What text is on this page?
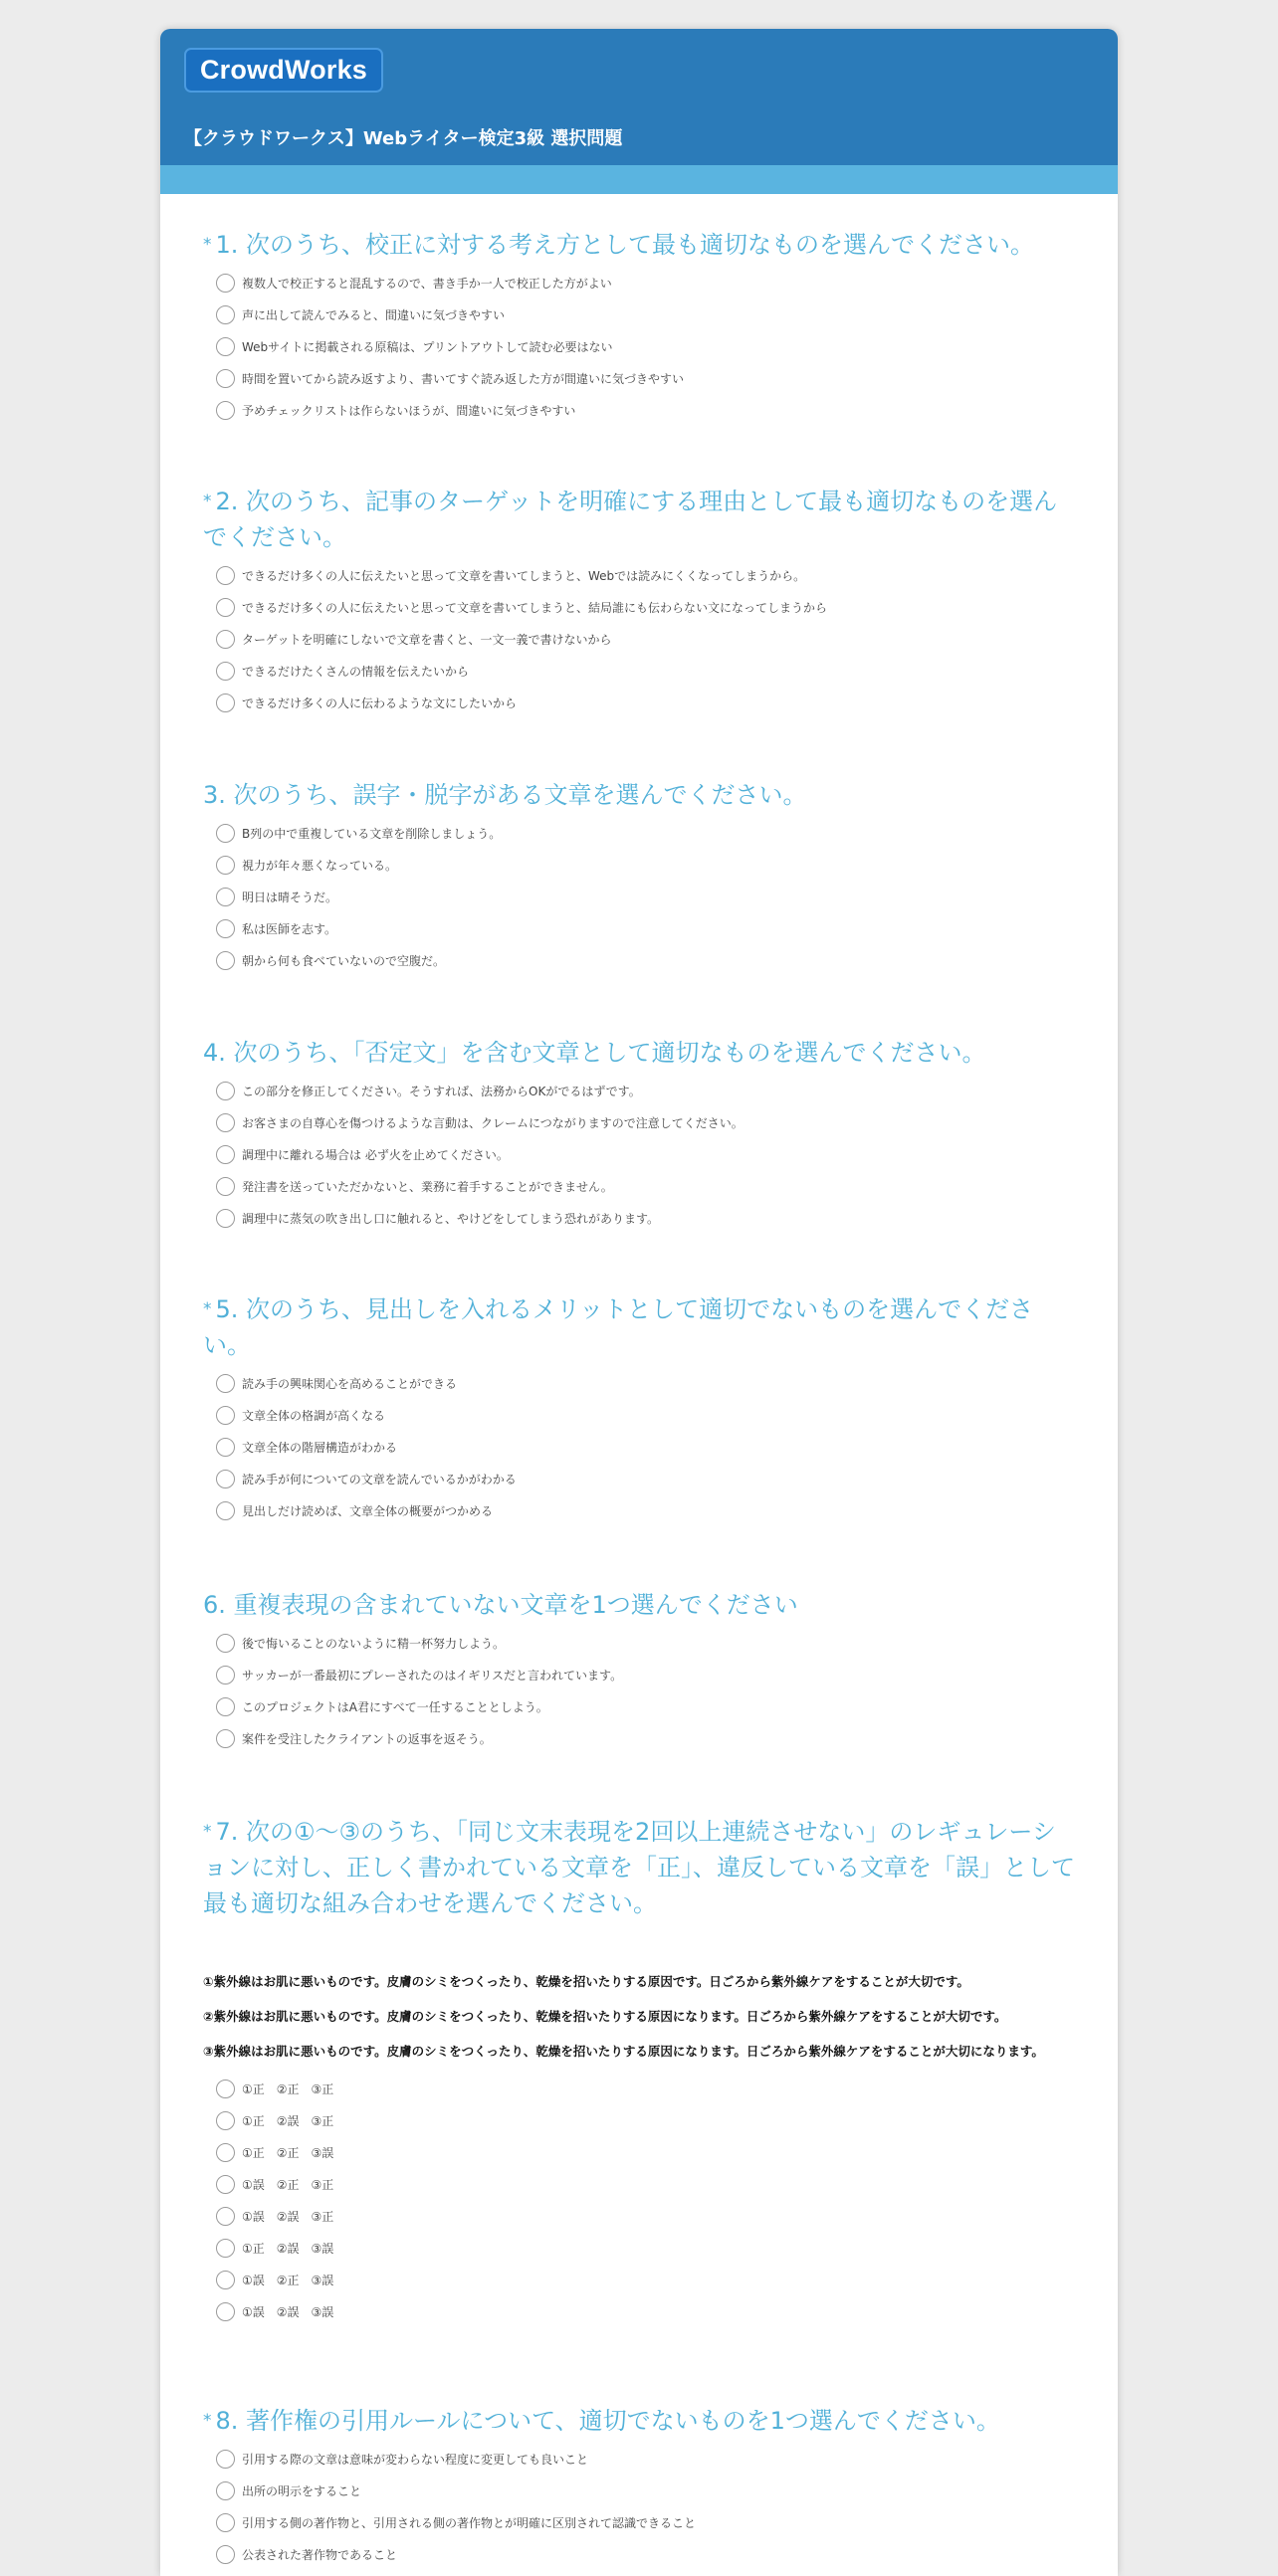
CrowdWorks
【クラウドワークス】Webライター検定3級 選択問題
* 1. 次のうち、校正に対する考え方として最も適切なものを選んでください。
複数人で校正すると混乱するので、書き手か一人で校正した方がよい
声に出して読んでみると、間違いに気づきやすい
Webサイトに掲載される原稿は、プリントアウトして読む必要はない
時間を置いてから読み返すより、書いてすぐ読み返した方が間違いに気づきやすい
予めチェックリストは作らないほうが、間違いに気づきやすい
* 2. 次のうち、記事のターゲットを明確にする理由として最も適切なものを選んでください。
できるだけ多くの人に伝えたいと思って文章を書いてしまうと、Webでは読みにくくなってしまうから。
できるだけ多くの人に伝えたいと思って文章を書いてしまうと、結局誰にも伝わらない文になってしまうから
ターゲットを明確にしないで文章を書くと、一文一義で書けないから
できるだけたくさんの情報を伝えたいから
できるだけ多くの人に伝わるような文にしたいから
3. 次のうち、誤字・脱字がある文章を選んでください。
B列の中で重複している文章を削除しましょう。
視力が年々悪くなっている。
明日は晴そうだ。
私は医師を志す。
朝から何も食べていないので空腹だ。
4. 次のうち、「否定文」を含む文章として適切なものを選んでください。
この部分を修正してください。そうすれば、法務からOKがでるはずです。
お客さまの自尊心を傷つけるような言動は、クレームにつながりますので注意してください。
調理中に離れる場合は 必ず火を止めてください。
発注書を送っていただかないと、業務に着手することができません。
調理中に蒸気の吹き出し口に触れると、やけどをしてしまう恐れがあります。
* 5. 次のうち、見出しを入れるメリットとして適切でないものを選んでください。
読み手の興味関心を高めることができる
文章全体の格調が高くなる
文章全体の階層構造がわかる
読み手が何についての文章を読んでいるかがわかる
見出しだけ読めば、文章全体の概要がつかめる
6. 重複表現の含まれていない文章を1つ選んでください
後で悔いることのないように精一杯努力しよう。
サッカーが一番最初にプレーされたのはイギリスだと言われています。
このプロジェクトはA君にすべて一任することとしよう。
案件を受注したクライアントの返事を返そう。
* 7. 次の①～③のうち、「同じ文末表現を2回以上連続させない」のレギュレーションに対し、正しく書かれている文章を「正」、違反している文章を「誤」として最も適切な組み合わせを選んでください。
①紫外線はお肌に悪いものです。皮膚のシミをつくったり、乾燥を招いたりする原因です。日ごろから紫外線ケアをすることが大切です。
②紫外線はお肌に悪いものです。皮膚のシミをつくったり、乾燥を招いたりする原因になります。日ごろから紫外線ケアをすることが大切です。
③紫外線はお肌に悪いものです。皮膚のシミをつくったり、乾燥を招いたりする原因になります。日ごろから紫外線ケアをすることが大切になります。
①正　②正　③正
①正　②誤　③正
①正　②正　③誤
①誤　②正　③正
①誤　②誤　③正
①正　②誤　③誤
①誤　②正　③誤
①誤　②誤　③誤
* 8. 著作権の引用ルールについて、適切でないものを1つ選んでください。
引用する際の文章は意味が変わらない程度に変更しても良いこと
出所の明示をすること
引用する側の著作物と、引用される側の著作物とが明確に区別されて認識できること
公表された著作物であること
